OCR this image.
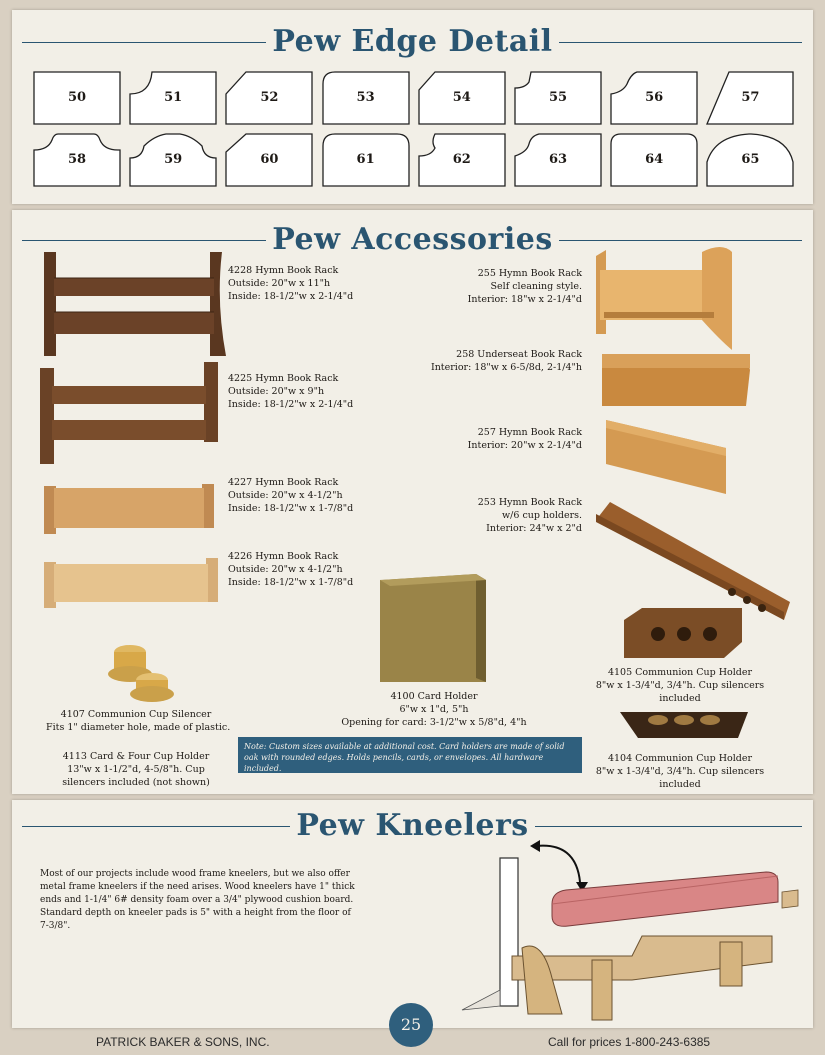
Pew Edge Detail
50	51	52	53	54	55	56	57
58	59	60	61	62	63	64	65
Pew Accessories
4228 Hymn Book Rack
Outside: 20"w x 11"h
Inside: 18-1/2"w x 2-1/4"d
4225 Hymn Book Rack
Outside: 20"w x 9"h
Inside: 18-1/2"w x 2-1/4"d
4227 Hymn Book Rack
Outside: 20"w x 4-1/2"h
Inside: 18-1/2"w x 1-7/8"d
4226 Hymn Book Rack
Outside: 20"w x 4-1/2"h
Inside: 18-1/2"w x 1-7/8"d
4107 Communion Cup Silencer
Fits 1" diameter hole, made of plastic.
4113 Card & Four Cup Holder
13"w x 1-1/2"d, 4-5/8"h. Cup
silencers included (not shown)
4100 Card Holder
6"w x 1"d, 5"h
Opening for card: 3-1/2"w x 5/8"d, 4"h
Note: Custom sizes available at additional cost. Card holders are made of solid oak with rounded edges. Holds pencils, cards, or envelopes. All hardware included.
255 Hymn Book Rack
Self cleaning style.
Interior: 18"w x 2-1/4"d
258 Underseat Book Rack
Interior: 18"w x 6-5/8d, 2-1/4"h
257 Hymn Book Rack
Interior: 20"w x 2-1/4"d
253 Hymn Book Rack
w/6 cup holders.
Interior: 24"w x 2"d
4105 Communion Cup Holder
8"w x 1-3/4"d, 3/4"h. Cup silencers
included
4104 Communion Cup Holder
8"w x 1-3/4"d, 3/4"h. Cup silencers
included
Pew Kneelers
Most of our projects include wood frame kneelers, but we also offer metal frame kneelers if the need arises. Wood kneelers have 1" thick ends and 1-1/4" 6# density foam over a 3/4" plywood cushion board. Standard depth on kneeler pads is 5" with a height from the floor of 7-3/8".
25
PATRICK BAKER & SONS, INC.	Call for prices 1-800-243-6385
